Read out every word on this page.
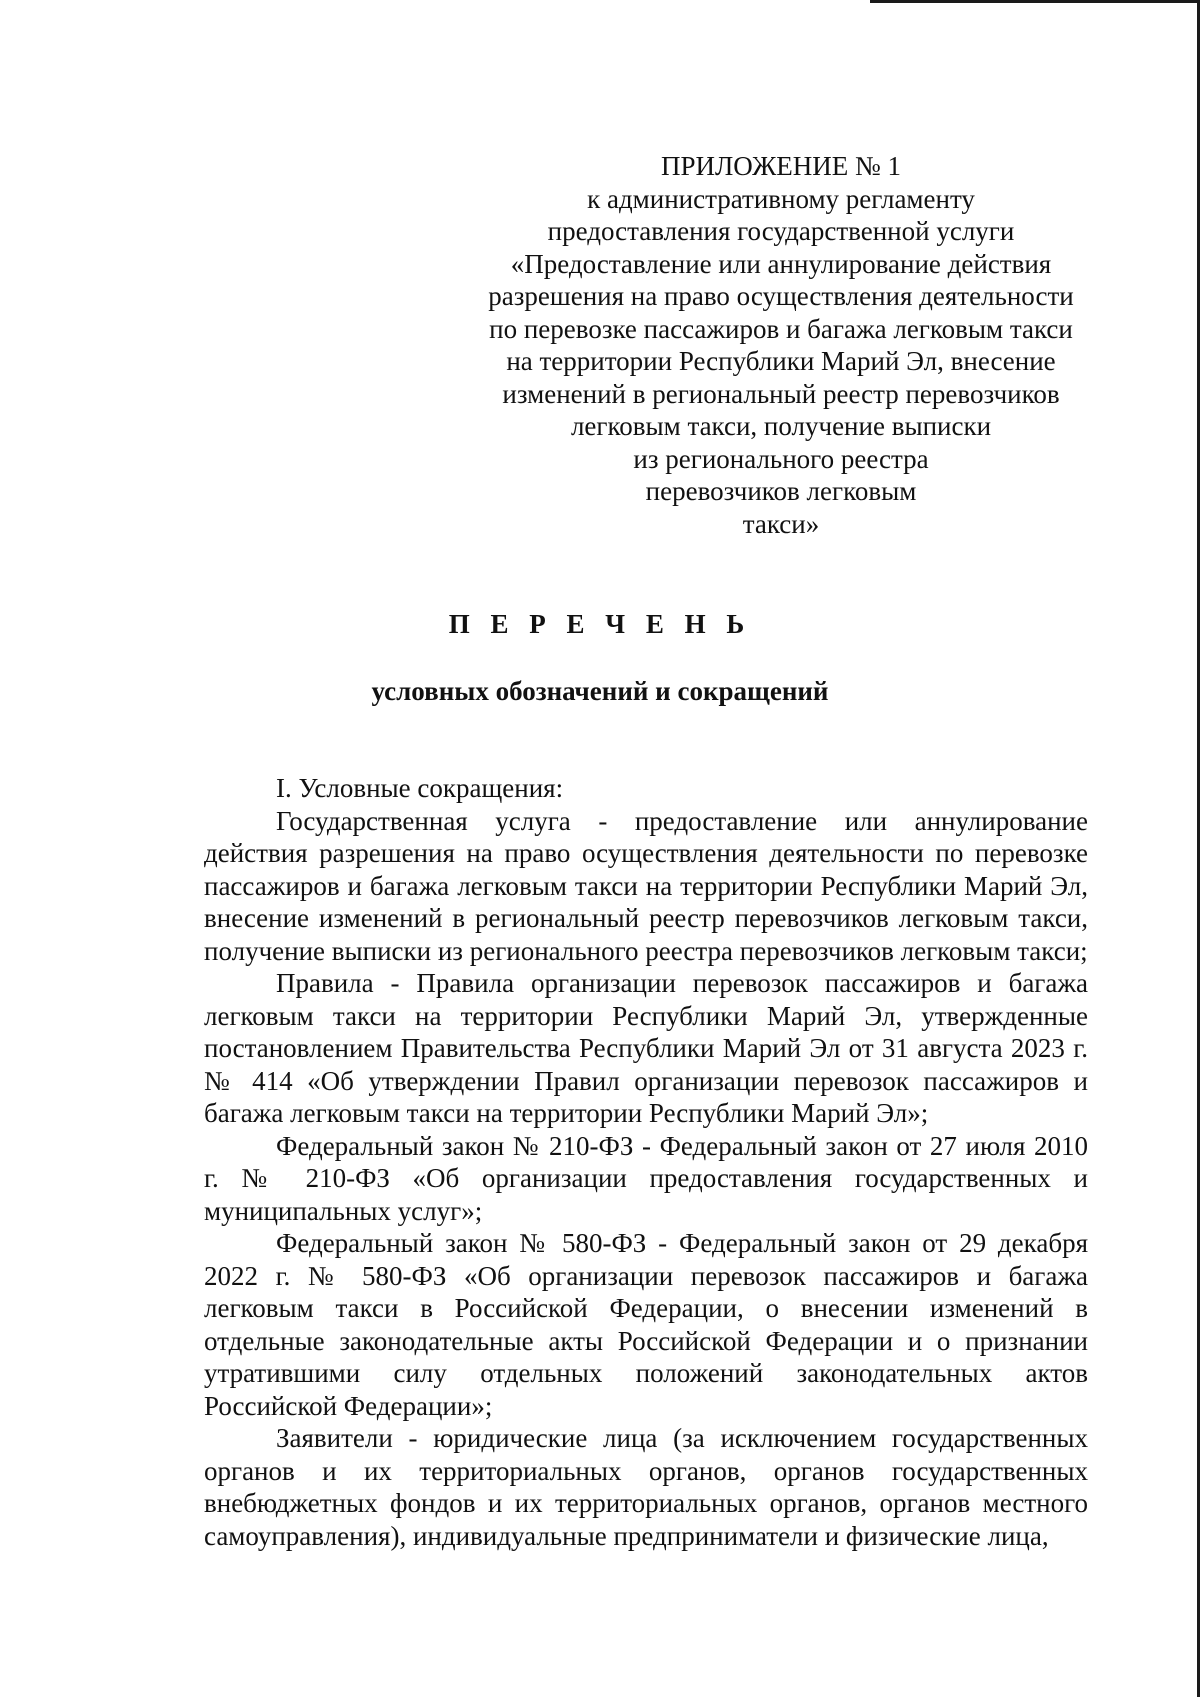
ПРИЛОЖЕНИЕ № 1
к административному регламенту
предоставления государственной услуги
«Предоставление или аннулирование действия
разрешения на право осуществления деятельности
по перевозке пассажиров и багажа легковым такси
на территории Республики Марий Эл, внесение
изменений в региональный реестр перевозчиков
легковым такси, получение выписки
из регионального реестра
перевозчиков легковым
такси»
П Е Р Е Ч Е Н Ь
условных обозначений и сокращений

I. Условные сокращения:

Государственная услуга - предоставление или аннулирование действия разрешения на право осуществления деятельности по перевозке пассажиров и багажа легковым такси на территории Республики Марий Эл, внесение изменений в региональный реестр перевозчиков легковым такси, получение выписки из регионального реестра перевозчиков легковым такси;

Правила - Правила организации перевозок пассажиров и багажа легковым такси на территории Республики Марий Эл, утвержденные постановлением Правительства Республики Марий Эл от 31 августа 2023 г. № 414 «Об утверждении Правил организации перевозок пассажиров и багажа легковым такси на территории Республики Марий Эл»;

Федеральный закон № 210-ФЗ - Федеральный закон от 27 июля 2010 г. № 210-ФЗ «Об организации предоставления государственных и муниципальных услуг»;

Федеральный закон № 580-ФЗ - Федеральный закон от 29 декабря 2022 г. № 580-ФЗ «Об организации перевозок пассажиров и багажа легковым такси в Российской Федерации, о внесении изменений в отдельные законодательные акты Российской Федерации и о признании утратившими силу отдельных положений законодательных актов Российской Федерации»;

Заявители - юридические лица (за исключением государственных органов и их территориальных органов, органов государственных внебюджетных фондов и их территориальных органов, органов местного самоуправления), индивидуальные предприниматели и физические лица,
